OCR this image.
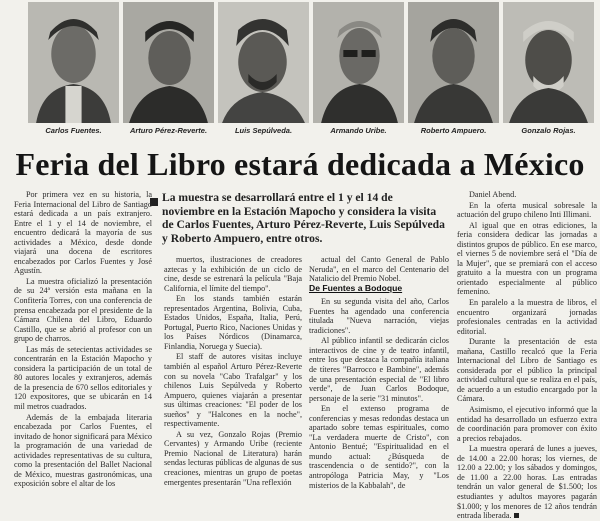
Carlos Fuentes.	Arturo Pérez-Reverte.	Luis Sepúlveda.	Armando Uribe.	Roberto Ampuero.	Gonzalo Rojas.
Feria del Libro estará dedicada a México

La muestra se desarrollará entre el 1 y el 14 de noviembre en la Estación Mapocho y considera la visita de Carlos Fuentes, Arturo Pérez-Reverte, Luis Sepúlveda y Roberto Ampuero, entre otros.

Por primera vez en su historia, la Feria Internacional del Libro de Santiago estará dedicada a un país extranjero. Entre el 1 y el 14 de noviembre, el encuentro dedicará la mayoría de sus actividades a México, desde donde viajará una docena de escritores encabezados por Carlos Fuentes y José Agustín.

La muestra oficializó la presentación de su 24ª versión esta mañana en la Confitería Torres, con una conferencia de prensa encabezada por el presidente de la Cámara Chilena del Libro, Eduardo Castillo, que se abrió al profesor con un grupo de charros.

Las más de setecientas actividades se concentrarán en la Estación Mapocho y considera la participación de un total de 80 autores locales y extranjeros, además de la presencia de 670 sellos editoriales y 120 expositores, que se ubicarán en 14 mil metros cuadrados.

Además de la embajada literaria encabezada por Carlos Fuentes, el invitado de honor significará para México la programación de una variedad de actividades representativas de su cultura, como la presentación del Ballet Nacional de México, muestras gastronómicas, una exposición sobre el altar de los

muertos, ilustraciones de creadores aztecas y la exhibición de un ciclo de cine, desde se estrenará la película "Baja California, el límite del tiempo".

En los stands también estarán representados Argentina, Bolivia, Cuba, Estados Unidos, España, Italia, Perú, Portugal, Puerto Rico, Naciones Unidas y los Países Nórdicos (Dinamarca, Finlandia, Noruega y Suecia).

El staff de autores visitas incluye también al español Arturo Pérez-Reverte con su novela "Cabo Trafalgar" y los chilenos Luis Sepúlveda y Roberto Ampuero, quienes viajarán a presentar sus últimas creaciones: "El poder de los sueños" y "Halcones en la noche", respectivamente.

A su vez, Gonzalo Rojas (Premio Cervantes) y Armando Uribe (reciente Premio Nacional de Literatura) harán sendas lecturas públicas de algunas de sus creaciones, mientras un grupo de poetas emergentes presentarán "Una reflexión

actual del Canto General de Pablo Neruda", en el marco del Centenario del Natalicio del Premio Nobel.

De Fuentes a Bodoque

En su segunda visita del año, Carlos Fuentes ha agendado una conferencia titulada "Nueva narración, viejas tradiciones".

Al público infantil se dedicarán ciclos interactivos de cine y de teatro infantil, entre los que destaca la compañía italiana de títeres "Barrocco e Bambine", además de una presentación especial de "El libro verde", de Juan Carlos Bodoque, personaje de la serie "31 minutos".

En el extenso programa de conferencias y mesas redondas destaca un apartado sobre temas espirituales, como "La verdadera muerte de Cristo", con Antonio Bentué; "Espiritualidad en el mundo actual: ¿Búsqueda de trascendencia o de sentido?", con la antropóloga Patricia May, y "Los misterios de la Kabbalah", de

Daniel Abend.

En la oferta musical sobresale la actuación del grupo chileno Inti Illimani.

Al igual que en otras ediciones, la feria considera dedicar las jornadas a distintos grupos de público. En ese marco, el viernes 5 de noviembre será el "Día de la Mujer", que se premiará con el acceso gratuito a la muestra con un programa orientado especialmente al público femenino.

En paralelo a la muestra de libros, el encuentro organizará jornadas profesionales centradas en la actividad editorial.

Durante la presentación de esta mañana, Castillo recalcó que la Feria Internacional del Libro de Santiago es considerada por el público la principal actividad cultural que se realiza en el país, de acuerdo a un estudio encargado por la Cámara.

Asimismo, el ejecutivo informó que la entidad ha desarrollado un esfuerzo extra de coordinación para promover con éxito a precios rebajados.

La muestra operará de lunes a jueves, de 14.00 a 22.00 horas; los viernes, de 12.00 a 22.00; y los sábados y domingos, de 11.00 a 22.00 horas. Las entradas tendrán un valor general de $1.500; los estudiantes y adultos mayores pagarán $1.000; y los menores de 12 años tendrán entrada liberada.
